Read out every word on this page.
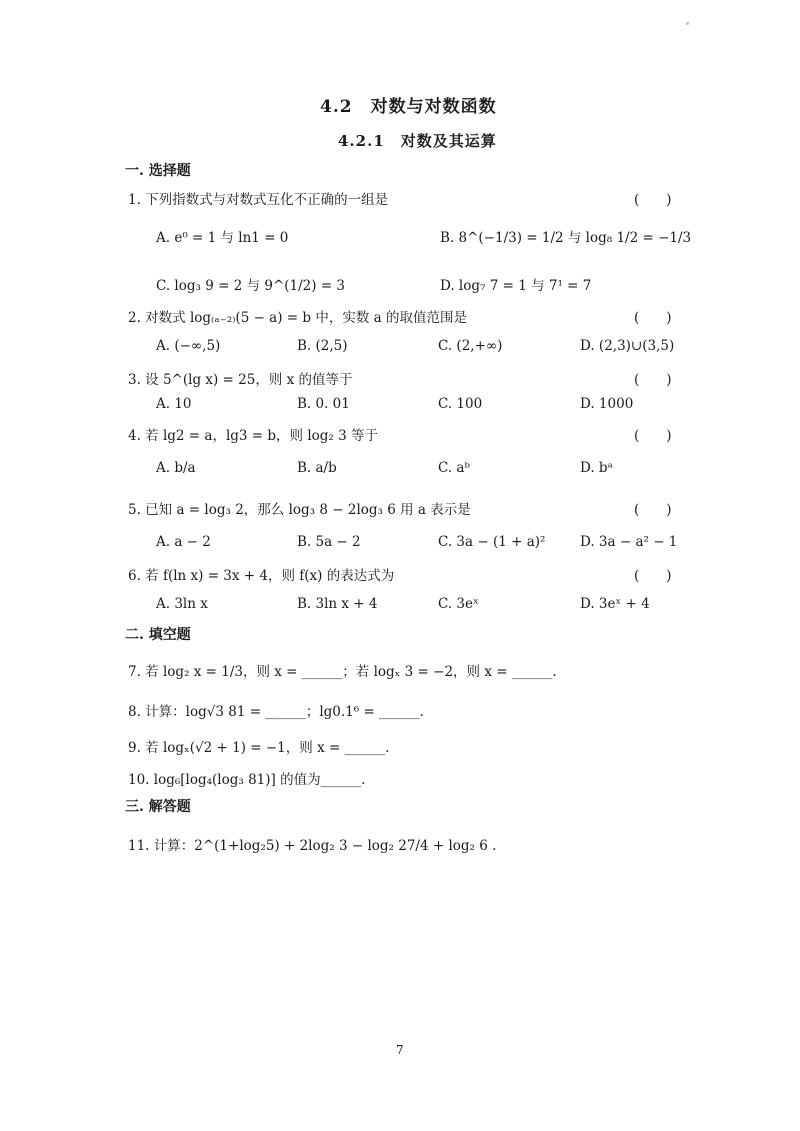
4.2　对数与对数函数
4.2.1　对数及其运算
一. 选择题
1. 下列指数式与对数式互化不正确的一组是	(　　)
A. e⁰ = 1 与 ln1 = 0	B. 8^(−1/3) = 1/2 与 log₈ 1/2 = −1/3
C. log₃ 9 = 2 与 9^(1/2) = 3	D. log₇ 7 = 1 与 7¹ = 7
2. 对数式 log₍ₐ₋₂₎(5 − a) = b 中，实数 a 的取值范围是	(　　)
A. (−∞,5)	B. (2,5)	C. (2,+∞)	D. (2,3)∪(3,5)
3. 设 5^(lg x) = 25，则 x 的值等于	(　　)
A. 10	B. 0. 01	C. 100	D. 1000
4. 若 lg2 = a，lg3 = b，则 log₂ 3 等于	(　　)
A. b/a	B. a/b	C. aᵇ	D. bᵃ
5. 已知 a = log₃ 2，那么 log₃ 8 − 2log₃ 6 用 a 表示是	(　　)
A. a − 2	B. 5a − 2	C. 3a − (1 + a)²	D. 3a − a² − 1
6. 若 f(ln x) = 3x + 4，则 f(x) 的表达式为	(　　)
A. 3ln x	B. 3ln x + 4	C. 3eˣ	D. 3eˣ + 4
二. 填空题
7. 若 log₂ x = 1/3，则 x = ______；若 logₓ 3 = −2，则 x = ______.
8. 计算：log√3 81 = ______；lg0.1⁶ = ______.
9. 若 logₓ(√2 + 1) = −1，则 x = ______.
10. log₆[log₄(log₃ 81)] 的值为______.
三. 解答题
11. 计算：2^(1+log₂5) + 2log₂ 3 − log₂ 27/4 + log₂ 6 .
7
